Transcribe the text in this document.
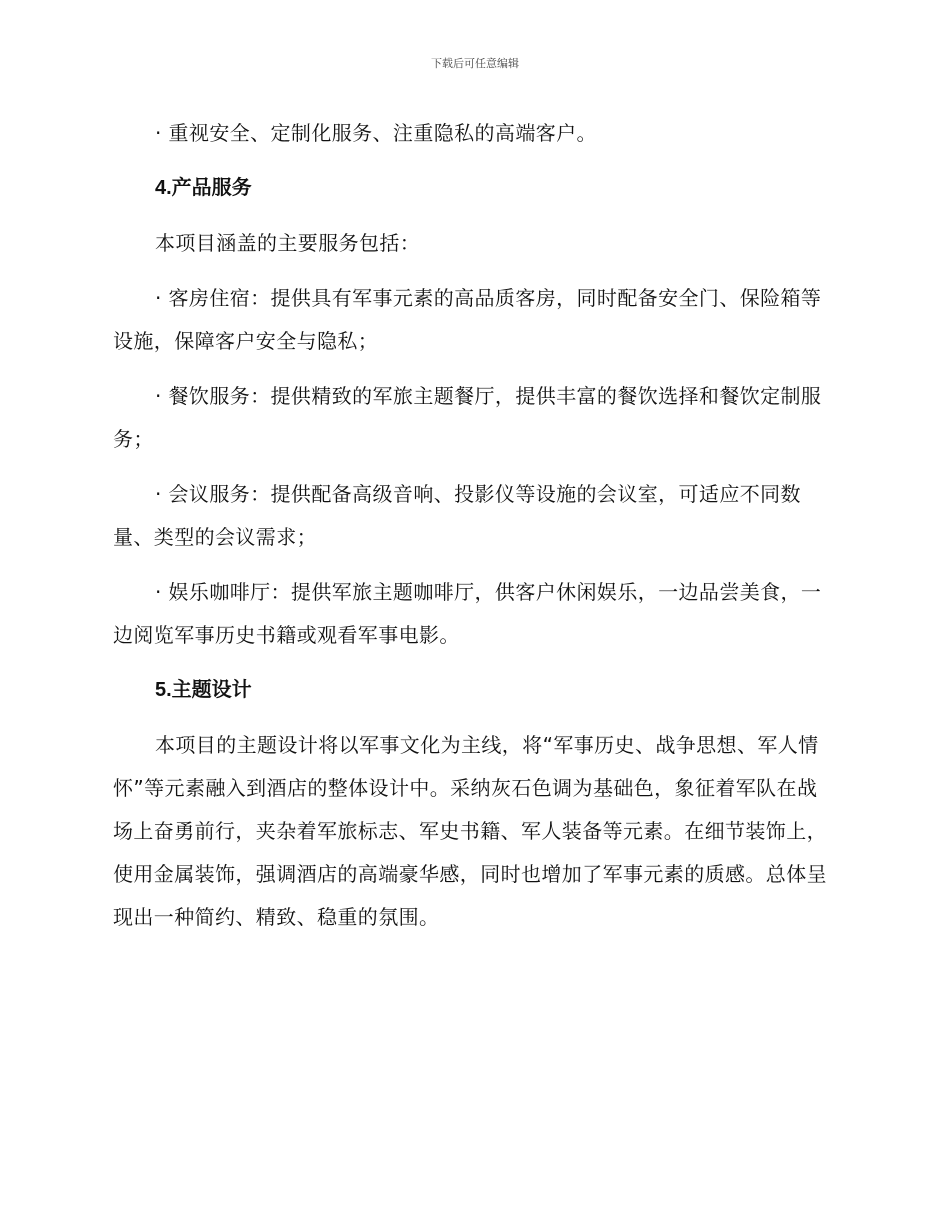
下载后可任意编辑

· 重视安全、定制化服务、注重隐私的高端客户。

4.产品服务

本项目涵盖的主要服务包括：

· 客房住宿：提供具有军事元素的高品质客房，同时配备安全门、保险箱等设施，保障客户安全与隐私；

· 餐饮服务：提供精致的军旅主题餐厅，提供丰富的餐饮选择和餐饮定制服务；

· 会议服务：提供配备高级音响、投影仪等设施的会议室，可适应不同数量、类型的会议需求；

· 娱乐咖啡厅：提供军旅主题咖啡厅，供客户休闲娱乐，一边品尝美食，一边阅览军事历史书籍或观看军事电影。

5.主题设计

本项目的主题设计将以军事文化为主线，将“军事历史、战争思想、军人情怀”等元素融入到酒店的整体设计中。采纳灰石色调为基础色，象征着军队在战场上奋勇前行，夹杂着军旅标志、军史书籍、军人装备等元素。在细节装饰上，使用金属装饰，强调酒店的高端豪华感，同时也增加了军事元素的质感。总体呈现出一种简约、精致、稳重的氛围。
